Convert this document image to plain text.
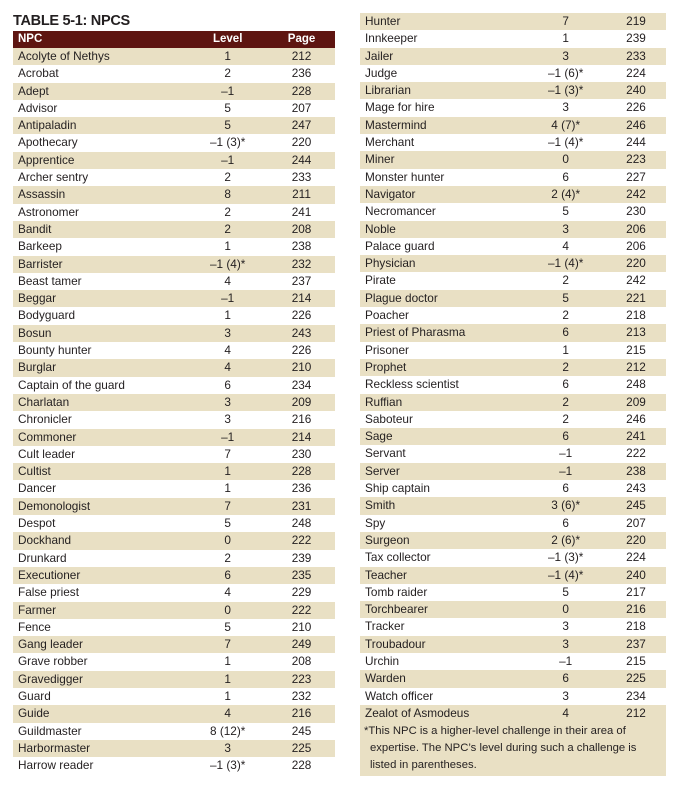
TABLE 5-1: NPCS
NPC	Level	Page
Acolyte of Nethys	1	212
Acrobat	2	236
Adept	–1	228
Advisor	5	207
Antipaladin	5	247
Apothecary	–1 (3)*	220
Apprentice	–1	244
Archer sentry	2	233
Assassin	8	211
Astronomer	2	241
Bandit	2	208
Barkeep	1	238
Barrister	–1 (4)*	232
Beast tamer	4	237
Beggar	–1	214
Bodyguard	1	226
Bosun	3	243
Bounty hunter	4	226
Burglar	4	210
Captain of the guard	6	234
Charlatan	3	209
Chronicler	3	216
Commoner	–1	214
Cult leader	7	230
Cultist	1	228
Dancer	1	236
Demonologist	7	231
Despot	5	248
Dockhand	0	222
Drunkard	2	239
Executioner	6	235
False priest	4	229
Farmer	0	222
Fence	5	210
Gang leader	7	249
Grave robber	1	208
Gravedigger	1	223
Guard	1	232
Guide	4	216
Guildmaster	8 (12)*	245
Harbormaster	3	225
Harrow reader	–1 (3)*	228
Hunter	7	219
Innkeeper	1	239
Jailer	3	233
Judge	–1 (6)*	224
Librarian	–1 (3)*	240
Mage for hire	3	226
Mastermind	4 (7)*	246
Merchant	–1 (4)*	244
Miner	0	223
Monster hunter	6	227
Navigator	2 (4)*	242
Necromancer	5	230
Noble	3	206
Palace guard	4	206
Physician	–1 (4)*	220
Pirate	2	242
Plague doctor	5	221
Poacher	2	218
Priest of Pharasma	6	213
Prisoner	1	215
Prophet	2	212
Reckless scientist	6	248
Ruffian	2	209
Saboteur	2	246
Sage	6	241
Servant	–1	222
Server	–1	238
Ship captain	6	243
Smith	3 (6)*	245
Spy	6	207
Surgeon	2 (6)*	220
Tax collector	–1 (3)*	224
Teacher	–1 (4)*	240
Tomb raider	5	217
Torchbearer	0	216
Tracker	3	218
Troubadour	3	237
Urchin	–1	215
Warden	6	225
Watch officer	3	234
Zealot of Asmodeus	4	212
*This NPC is a higher-level challenge in their area of expertise. The NPC’s level during such a challenge is listed in parentheses.
